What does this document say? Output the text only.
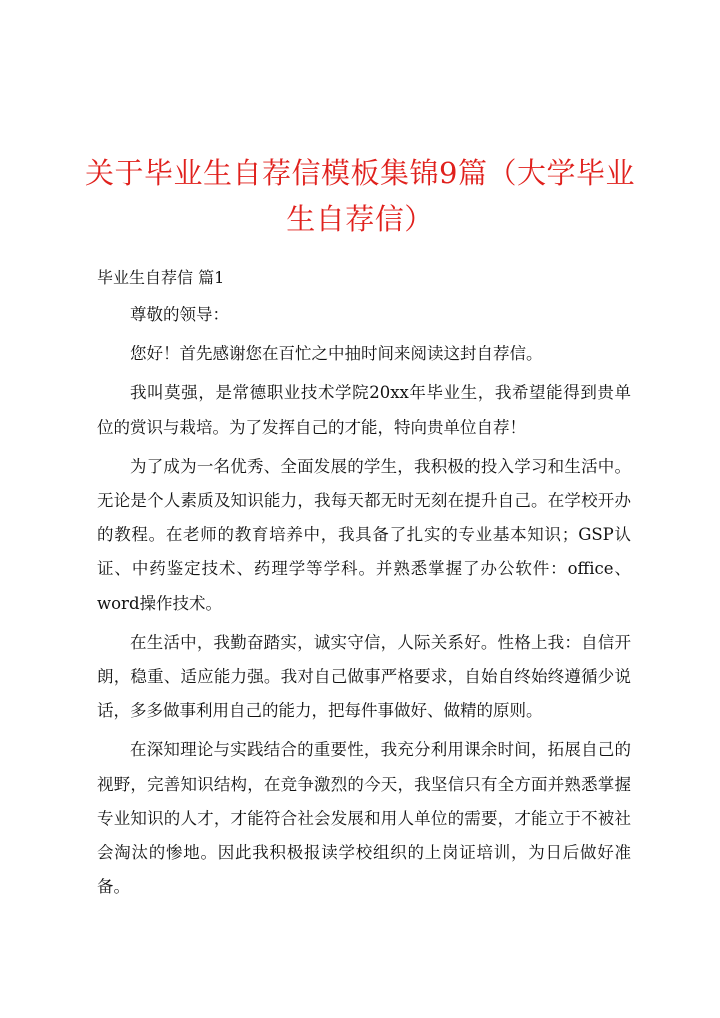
关于毕业生自荐信模板集锦9篇（大学毕业生自荐信）
毕业生自荐信 篇1

尊敬的领导：

您好！首先感谢您在百忙之中抽时间来阅读这封自荐信。

我叫莫强，是常德职业技术学院20xx年毕业生，我希望能得到贵单位的赏识与栽培。为了发挥自己的才能，特向贵单位自荐！

为了成为一名优秀、全面发展的学生，我积极的投入学习和生活中。无论是个人素质及知识能力，我每天都无时无刻在提升自己。在学校开办的教程。在老师的教育培养中，我具备了扎实的专业基本知识；GSP认证、中药鉴定技术、药理学等学科。并熟悉掌握了办公软件：office、word操作技术。

在生活中，我勤奋踏实，诚实守信，人际关系好。性格上我：自信开朗，稳重、适应能力强。我对自己做事严格要求，自始自终始终遵循少说话，多多做事利用自己的能力，把每件事做好、做精的原则。

在深知理论与实践结合的重要性，我充分利用课余时间，拓展自己的视野，完善知识结构，在竞争激烈的今天，我坚信只有全方面并熟悉掌握专业知识的人才，才能符合社会发展和用人单位的需要，才能立于不被社会淘汰的惨地。因此我积极报读学校组织的上岗证培训，为日后做好准备。
